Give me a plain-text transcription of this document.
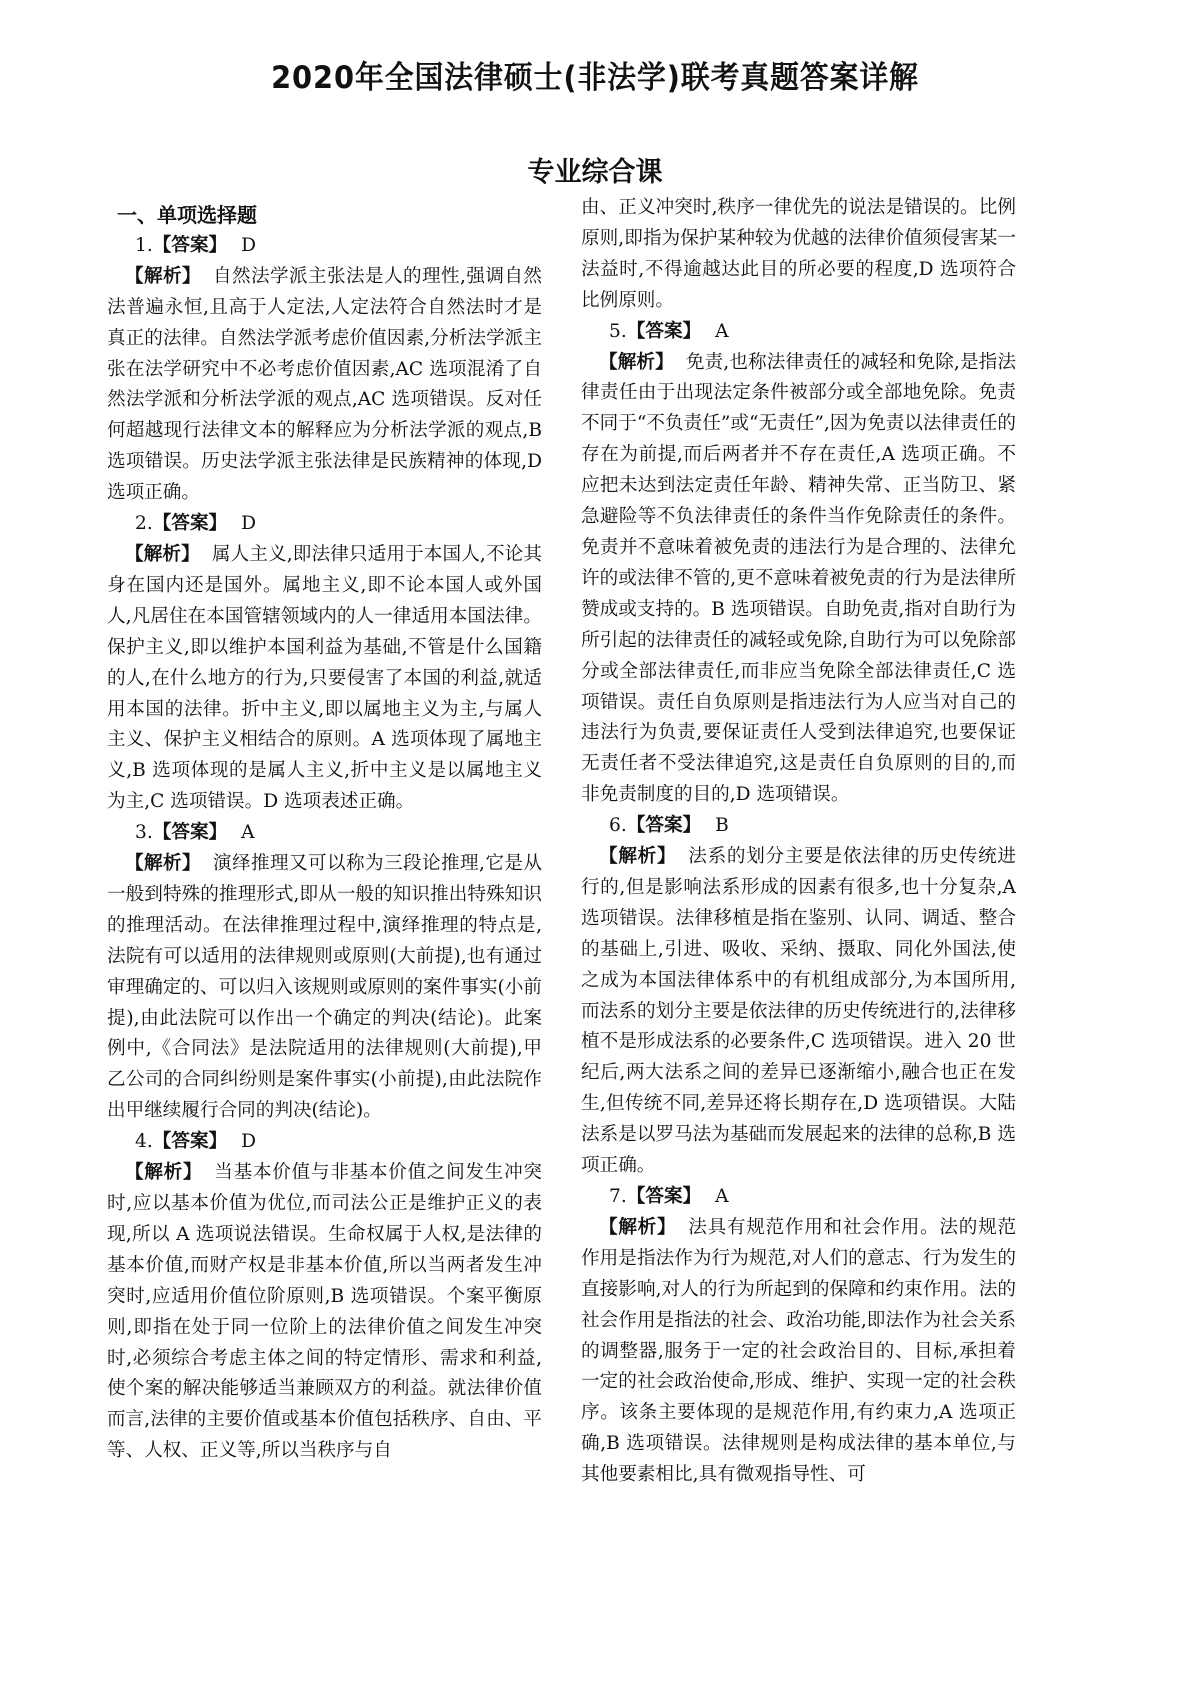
2020年全国法律硕士(非法学)联考真题答案详解
专业综合课

一、单项选择题

1.【答案】 D

【解析】 自然法学派主张法是人的理性,强调自然法普遍永恒,且高于人定法,人定法符合自然法时才是真正的法律。自然法学派考虑价值因素,分析法学派主张在法学研究中不必考虑价值因素,AC 选项混淆了自然法学派和分析法学派的观点,AC 选项错误。反对任何超越现行法律文本的解释应为分析法学派的观点,B 选项错误。历史法学派主张法律是民族精神的体现,D 选项正确。

2.【答案】 D

【解析】 属人主义,即法律只适用于本国人,不论其身在国内还是国外。属地主义,即不论本国人或外国人,凡居住在本国管辖领域内的人一律适用本国法律。保护主义,即以维护本国利益为基础,不管是什么国籍的人,在什么地方的行为,只要侵害了本国的利益,就适用本国的法律。折中主义,即以属地主义为主,与属人主义、保护主义相结合的原则。A 选项体现了属地主义,B 选项体现的是属人主义,折中主义是以属地主义为主,C 选项错误。D 选项表述正确。

3.【答案】 A

【解析】 演绎推理又可以称为三段论推理,它是从一般到特殊的推理形式,即从一般的知识推出特殊知识的推理活动。在法律推理过程中,演绎推理的特点是,法院有可以适用的法律规则或原则(大前提),也有通过审理确定的、可以归入该规则或原则的案件事实(小前提),由此法院可以作出一个确定的判决(结论)。此案例中,《合同法》是法院适用的法律规则(大前提),甲乙公司的合同纠纷则是案件事实(小前提),由此法院作出甲继续履行合同的判决(结论)。

4.【答案】 D

【解析】 当基本价值与非基本价值之间发生冲突时,应以基本价值为优位,而司法公正是维护正义的表现,所以 A 选项说法错误。生命权属于人权,是法律的基本价值,而财产权是非基本价值,所以当两者发生冲突时,应适用价值位阶原则,B 选项错误。个案平衡原则,即指在处于同一位阶上的法律价值之间发生冲突时,必须综合考虑主体之间的特定情形、需求和利益,使个案的解决能够适当兼顾双方的利益。就法律价值而言,法律的主要价值或基本价值包括秩序、自由、平等、人权、正义等,所以当秩序与自

由、正义冲突时,秩序一律优先的说法是错误的。比例原则,即指为保护某种较为优越的法律价值须侵害某一法益时,不得逾越达此目的所必要的程度,D 选项符合比例原则。

5.【答案】 A

【解析】 免责,也称法律责任的减轻和免除,是指法律责任由于出现法定条件被部分或全部地免除。免责不同于“不负责任”或“无责任”,因为免责以法律责任的存在为前提,而后两者并不存在责任,A 选项正确。不应把未达到法定责任年龄、精神失常、正当防卫、紧急避险等不负法律责任的条件当作免除责任的条件。免责并不意味着被免责的违法行为是合理的、法律允许的或法律不管的,更不意味着被免责的行为是法律所赞成或支持的。B 选项错误。自助免责,指对自助行为所引起的法律责任的减轻或免除,自助行为可以免除部分或全部法律责任,而非应当免除全部法律责任,C 选项错误。责任自负原则是指违法行为人应当对自己的违法行为负责,要保证责任人受到法律追究,也要保证无责任者不受法律追究,这是责任自负原则的目的,而非免责制度的目的,D 选项错误。

6.【答案】 B

【解析】 法系的划分主要是依法律的历史传统进行的,但是影响法系形成的因素有很多,也十分复杂,A 选项错误。法律移植是指在鉴别、认同、调适、整合的基础上,引进、吸收、采纳、摄取、同化外国法,使之成为本国法律体系中的有机组成部分,为本国所用,而法系的划分主要是依法律的历史传统进行的,法律移植不是形成法系的必要条件,C 选项错误。进入 20 世纪后,两大法系之间的差异已逐渐缩小,融合也正在发生,但传统不同,差异还将长期存在,D 选项错误。大陆法系是以罗马法为基础而发展起来的法律的总称,B 选项正确。

7.【答案】 A

【解析】 法具有规范作用和社会作用。法的规范作用是指法作为行为规范,对人们的意志、行为发生的直接影响,对人的行为所起到的保障和约束作用。法的社会作用是指法的社会、政治功能,即法作为社会关系的调整器,服务于一定的社会政治目的、目标,承担着一定的社会政治使命,形成、维护、实现一定的社会秩序。该条主要体现的是规范作用,有约束力,A 选项正确,B 选项错误。法律规则是构成法律的基本单位,与其他要素相比,具有微观指导性、可
